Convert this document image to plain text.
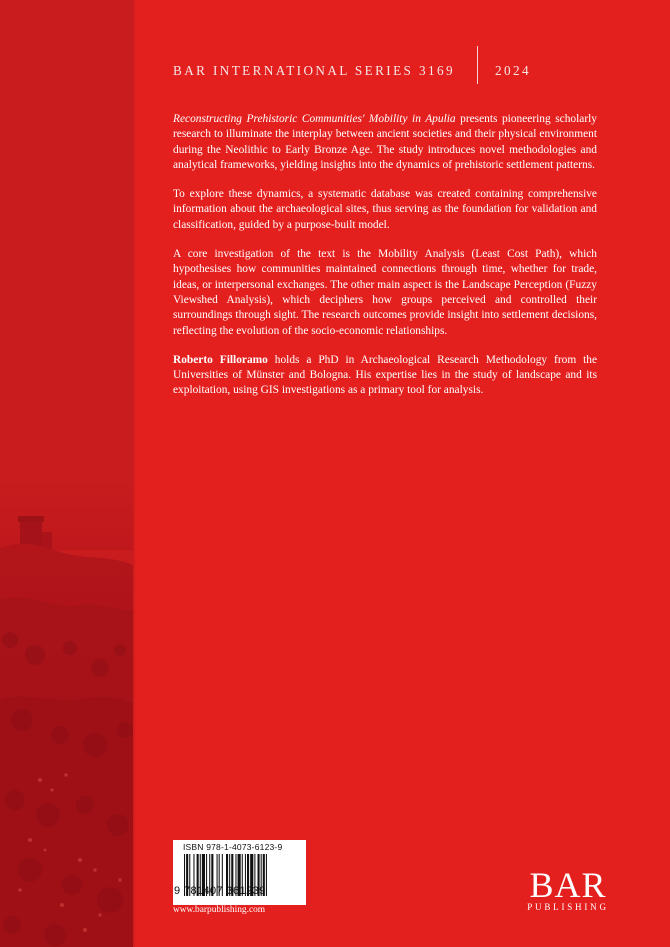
BAR INTERNATIONAL SERIES 3169	2024

Reconstructing Prehistoric Communities' Mobility in Apulia presents pioneering scholarly research to illuminate the interplay between ancient societies and their physical environment during the Neolithic to Early Bronze Age. The study introduces novel methodologies and analytical frameworks, yielding insights into the dynamics of prehistoric settlement patterns.

To explore these dynamics, a systematic database was created containing comprehensive information about the archaeological sites, thus serving as the foundation for validation and classification, guided by a purpose-built model.

A core investigation of the text is the Mobility Analysis (Least Cost Path), which hypothesises how communities maintained connections through time, whether for trade, ideas, or interpersonal exchanges. The other main aspect is the Landscape Perception (Fuzzy Viewshed Analysis), which deciphers how groups perceived and controlled their surroundings through sight. The research outcomes provide insight into settlement decisions, reflecting the evolution of the socio-economic relationships.

Roberto Filloramo holds a PhD in Archaeological Research Methodology from the Universities of Münster and Bologna. His expertise lies in the study of landscape and its exploitation, using GIS investigations as a primary tool for analysis.

ISBN 978-1-4073-6123-9
9 781407 361239
www.barpublishing.com
BAR
PUBLISHING
